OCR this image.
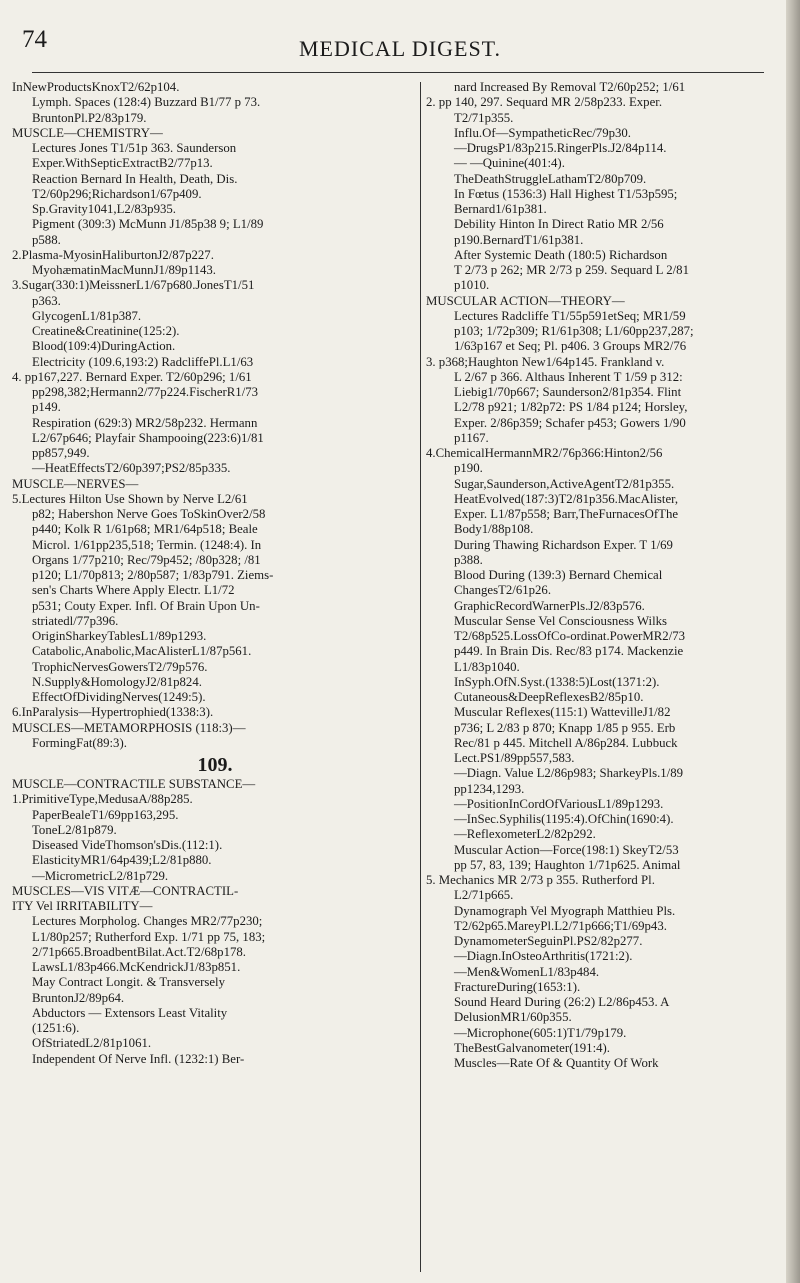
74	MEDICAL DIGEST.
InNewProductsKnoxT2/62p104.
Lymph. Spaces (128:4) Buzzard B1/77 p 73.
BruntonPl.P2/83p179.
MUSCLE—CHEMISTRY—
Lectures Jones T1/51p 363. Saunderson
Exper.WithSepticExtractB2/77p13.
Reaction Bernard In Health, Death, Dis.
T2/60p296;Richardson1/67p409.
Sp.Gravity1041,L2/83p935.
Pigment (309:3) McMunn J1/85p38 9; L1/89
p588.
2.Plasma-MyosinHaliburtonJ2/87p227.
MyohæmatinMacMunnJ1/89p1143.
3.Sugar(330:1)MeissnerL1/67p680.JonesT1/51
p363.
GlycogenL1/81p387.
Creatine&Creatinine(125:2).
Blood(109:4)DuringAction.
Electricity (109.6,193:2) RadcliffePl.L1/63
4. pp167,227. Bernard Exper. T2/60p296; 1/61
pp298,382;Hermann2/77p224.FischerR1/73
p149.
Respiration (629:3) MR2/58p232. Hermann
L2/67p646; Playfair Shampooing(223:6)1/81
pp857,949.
—HeatEffectsT2/60p397;PS2/85p335.
MUSCLE—NERVES—
5.Lectures Hilton Use Shown by Nerve L2/61
p82; Habershon Nerve Goes ToSkinOver2/58
p440; Kolk R 1/61p68; MR1/64p518; Beale
Microl. 1/61pp235,518; Termin. (1248:4). In
Organs 1/77p210; Rec/79p452; /80p328; /81
p120; L1/70p813; 2/80p587; 1/83p791. Ziems-
sen's Charts Where Apply Electr. L1/72
p531; Couty Exper. Infl. Of Brain Upon Un-
striatedl/77p396.
OriginSharkeyTablesL1/89p1293.
Catabolic,Anabolic,MacAlisterL1/87p561.
TrophicNervesGowersT2/79p576.
N.Supply&HomologyJ2/81p824.
EffectOfDividingNerves(1249:5).
6.InParalysis—Hypertrophied(1338:3).
MUSCLES—METAMORPHOSIS (118:3)—
FormingFat(89:3).
109.
MUSCLE—CONTRACTILE SUBSTANCE—
1.PrimitiveType,MedusaA/88p285.
PaperBealeT1/69pp163,295.
ToneL2/81p879.
Diseased VideThomson'sDis.(112:1).
ElasticityMR1/64p439;L2/81p880.
—MicrometricL2/81p729.
MUSCLES—VIS VITÆ—CONTRACTIL-
ITY Vel IRRITABILITY—
Lectures Morpholog. Changes MR2/77p230;
L1/80p257; Rutherford Exp. 1/71 pp 75, 183;
2/71p665.BroadbentBilat.Act.T2/68p178.
LawsL1/83p466.McKendrickJ1/83p851.
May Contract Longit. & Transversely
BruntonJ2/89p64.
Abductors — Extensors Least Vitality
(1251:6).
OfStriatedL2/81p1061.
Independent Of Nerve Infl. (1232:1) Ber-
nard Increased By Removal T2/60p252; 1/61
2. pp 140, 297. Sequard MR 2/58p233. Exper.
T2/71p355.
Influ.Of—SympatheticRec/79p30.
—DrugsP1/83p215.RingerPls.J2/84p114.
— —Quinine(401:4).
TheDeathStruggleLathamT2/80p709.
In Fœtus (1536:3) Hall Highest T1/53p595;
Bernard1/61p381.
Debility Hinton In Direct Ratio MR 2/56
p190.BernardT1/61p381.
After Systemic Death (180:5) Richardson
T 2/73 p 262; MR 2/73 p 259. Sequard L 2/81
p1010.
MUSCULAR ACTION—THEORY—
Lectures Radcliffe T1/55p591etSeq; MR1/59
p103; 1/72p309; R1/61p308; L1/60pp237,287;
1/63p167 et Seq; Pl. p406. 3 Groups MR2/76
3. p368;Haughton New1/64p145. Frankland v.
L 2/67 p 366. Althaus Inherent T 1/59 p 312:
Liebig1/70p667; Saunderson2/81p354. Flint
L2/78 p921; 1/82p72: PS 1/84 p124; Horsley,
Exper. 2/86p359; Schafer p453; Gowers 1/90
p1167.
4.ChemicalHermannMR2/76p366:Hinton2/56
p190.
Sugar,Saunderson,ActiveAgentT2/81p355.
HeatEvolved(187:3)T2/81p356.MacAlister,
Exper. L1/87p558; Barr,TheFurnacesOfThe
Body1/88p108.
During Thawing Richardson Exper. T 1/69
p388.
Blood During (139:3) Bernard Chemical
ChangesT2/61p26.
GraphicRecordWarnerPls.J2/83p576.
Muscular Sense Vel Consciousness Wilks
T2/68p525.LossOfCo-ordinat.PowerMR2/73
p449. In Brain Dis. Rec/83 p174. Mackenzie
L1/83p1040.
InSyph.OfN.Syst.(1338:5)Lost(1371:2).
Cutaneous&DeepReflexesB2/85p10.
Muscular Reflexes(115:1) WattevilleJ1/82
p736; L 2/83 p 870; Knapp 1/85 p 955. Erb
Rec/81 p 445. Mitchell A/86p284. Lubbuck
Lect.PS1/89pp557,583.
—Diagn. Value L2/86p983; SharkeyPls.1/89
pp1234,1293.
—PositionInCordOfVariousL1/89p1293.
—InSec.Syphilis(1195:4).OfChin(1690:4).
—ReflexometerL2/82p292.
Muscular Action—Force(198:1) SkeyT2/53
pp 57, 83, 139; Haughton 1/71p625. Animal
5. Mechanics MR 2/73 p 355. Rutherford Pl.
L2/71p665.
Dynamograph Vel Myograph Matthieu Pls.
T2/62p65.MareyPl.L2/71p666;T1/69p43.
DynamometerSeguinPl.PS2/82p277.
—Diagn.InOsteoArthritis(1721:2).
—Men&WomenL1/83p484.
FractureDuring(1653:1).
Sound Heard During (26:2) L2/86p453. A
DelusionMR1/60p355.
—Microphone(605:1)T1/79p179.
TheBestGalvanometer(191:4).
Muscles—Rate Of & Quantity Of Work
